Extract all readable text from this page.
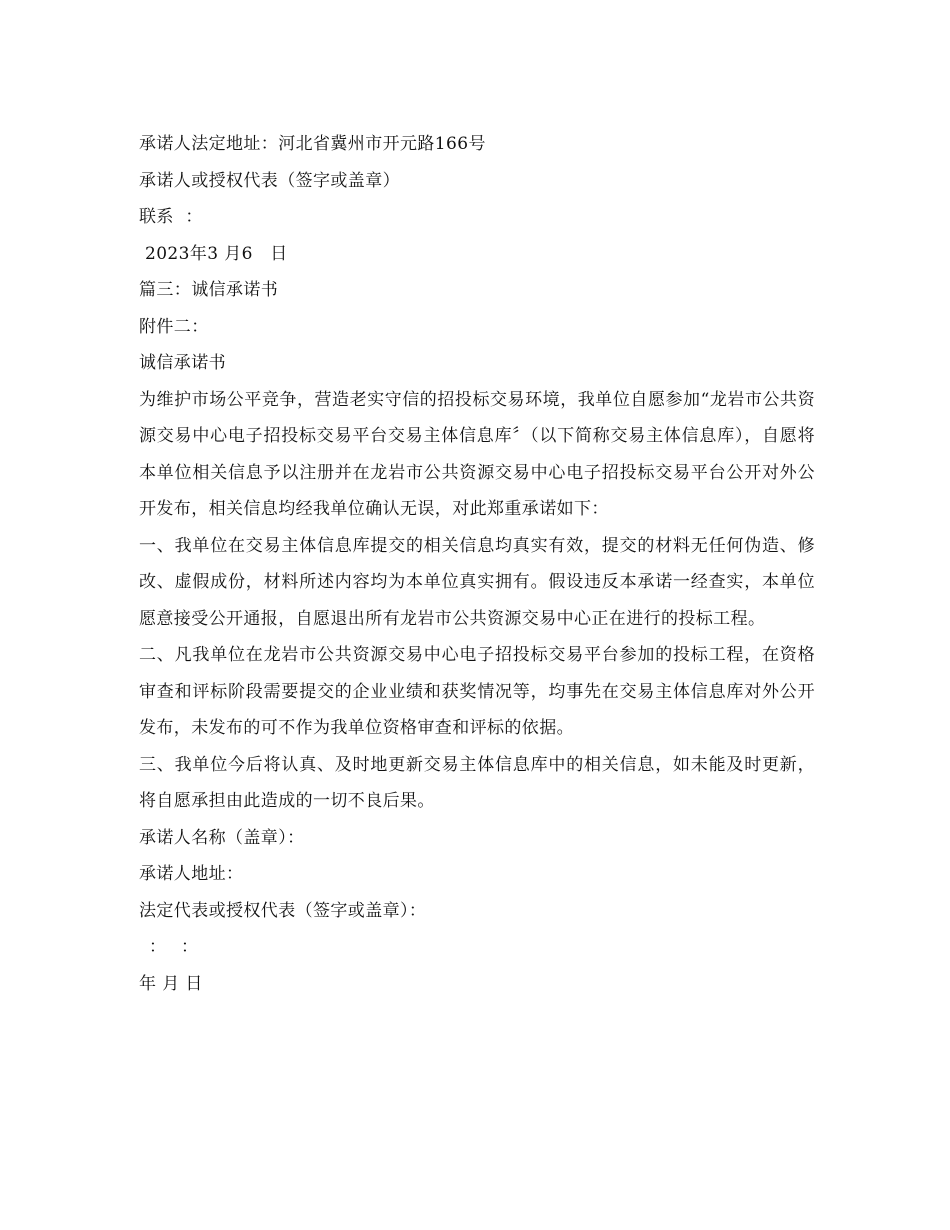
承诺人法定地址：河北省冀州市开元路166号
承诺人或授权代表（签字或盖章）
联系  ：
2023年3 月6   日
篇三：诚信承诺书
附件二：
诚信承诺书
为维护市场公平竞争，营造老实守信的招投标交易环境，我单位自愿参加“龙岩市公共资源交易中心电子招投标交易平台交易主体信息库〞（以下简称交易主体信息库），自愿将本单位相关信息予以注册并在龙岩市公共资源交易中心电子招投标交易平台公开对外公开发布，相关信息均经我单位确认无误，对此郑重承诺如下：
一、我单位在交易主体信息库提交的相关信息均真实有效，提交的材料无任何伪造、修改、虚假成份，材料所述内容均为本单位真实拥有。假设违反本承诺一经查实，本单位愿意接受公开通报，自愿退出所有龙岩市公共资源交易中心正在进行的投标工程。
二、凡我单位在龙岩市公共资源交易中心电子招投标交易平台参加的投标工程，在资格审查和评标阶段需要提交的企业业绩和获奖情况等，均事先在交易主体信息库对外公开发布，未发布的可不作为我单位资格审查和评标的依据。
三、我单位今后将认真、及时地更新交易主体信息库中的相关信息，如未能及时更新，将自愿承担由此造成的一切不良后果。
承诺人名称（盖章）：
承诺人地址：
法定代表或授权代表（签字或盖章）：
： ：
年 月 日
